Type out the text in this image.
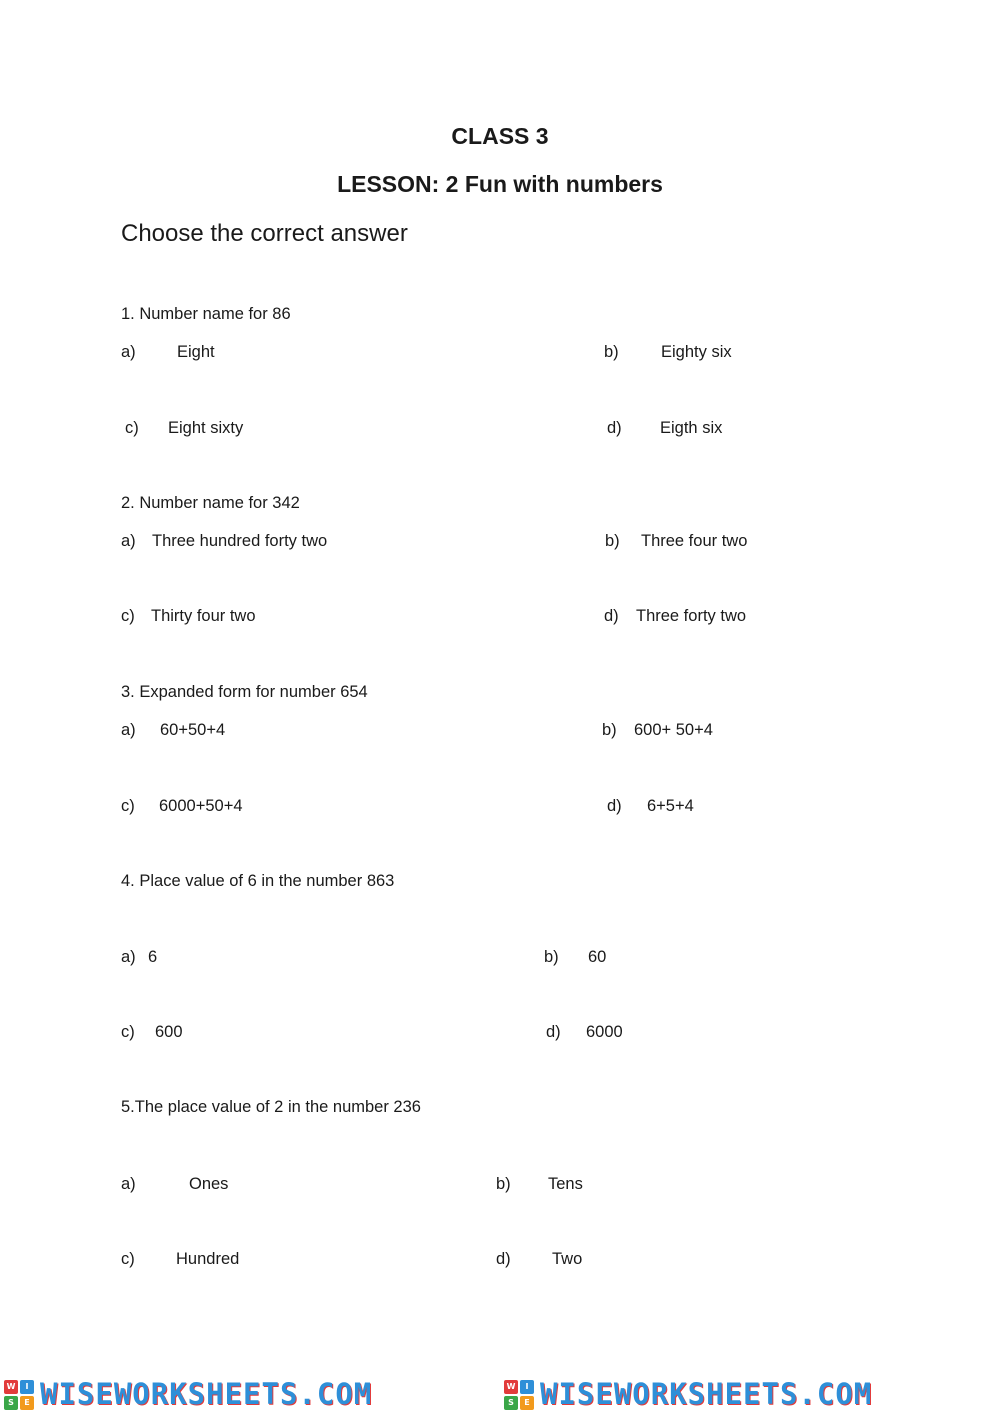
CLASS 3
LESSON: 2 Fun with numbers
Choose the correct answer
1. Number name for 86
a)	Eight	b)	Eighty six
c) Eight sixty	d) Eigth six
2. Number name for 342
a) Three hundred forty two	b) Three four two
c) Thirty four two	d) Three forty two
3. Expanded form for number 654
a) 60+50+4	b) 600+ 50+4
c) 6000+50+4	d) 6+5+4
4. Place value of 6 in the number 863
a) 6	b) 60
c) 600	d) 6000
5.The place value of 2 in the number 236
a)	Ones	b) Tens
c)	Hundred	d)	Two
W	I
S	E WISEWORKSHEETS.COM	W	I
S	E WISEWORKSHEETS.COM
